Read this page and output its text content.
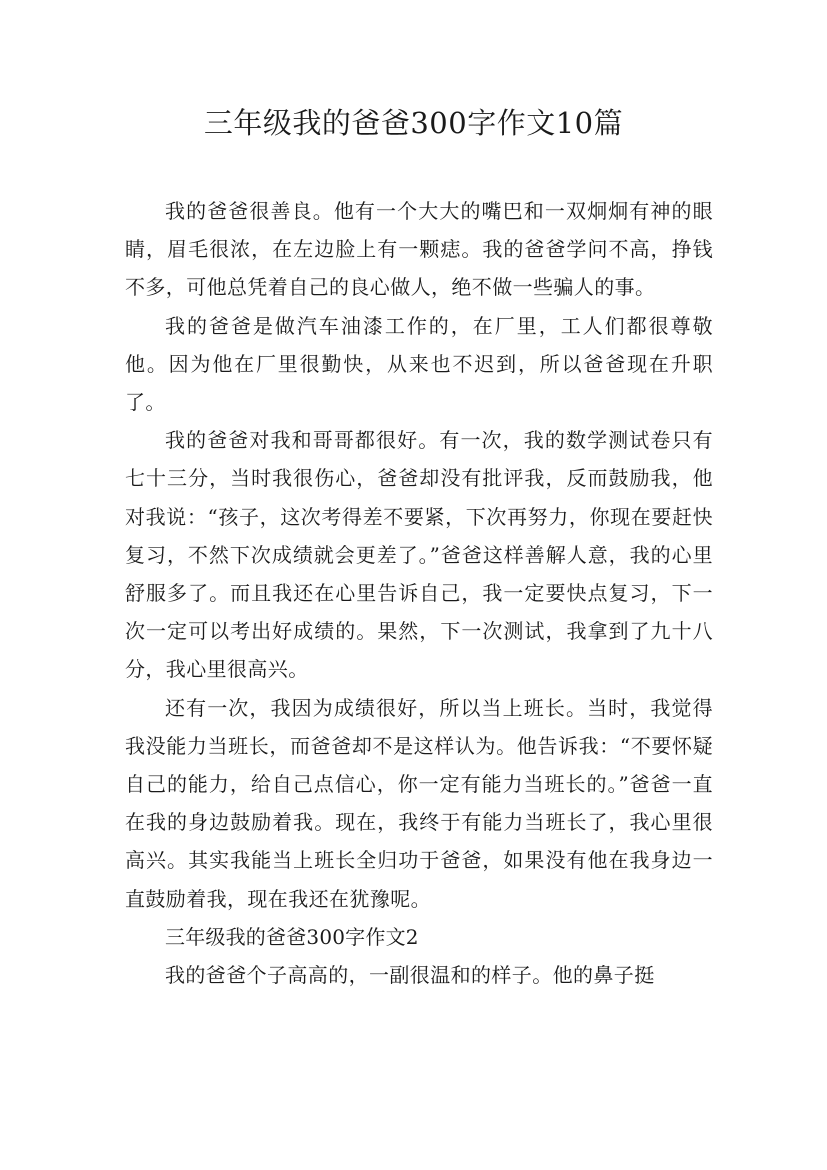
三年级我的爸爸300字作文10篇

我的爸爸很善良。他有一个大大的嘴巴和一双炯炯有神的眼睛，眉毛很浓，在左边脸上有一颗痣。我的爸爸学问不高，挣钱不多，可他总凭着自己的良心做人，绝不做一些骗人的事。

我的爸爸是做汽车油漆工作的，在厂里，工人们都很尊敬他。因为他在厂里很勤快，从来也不迟到，所以爸爸现在升职了。

我的爸爸对我和哥哥都很好。有一次，我的数学测试卷只有七十三分，当时我很伤心，爸爸却没有批评我，反而鼓励我，他对我说：“孩子，这次考得差不要紧，下次再努力，你现在要赶快复习，不然下次成绩就会更差了。”爸爸这样善解人意，我的心里舒服多了。而且我还在心里告诉自己，我一定要快点复习，下一次一定可以考出好成绩的。果然，下一次测试，我拿到了九十八分，我心里很高兴。

还有一次，我因为成绩很好，所以当上班长。当时，我觉得我没能力当班长，而爸爸却不是这样认为。他告诉我：“不要怀疑自己的能力，给自己点信心，你一定有能力当班长的。”爸爸一直在我的身边鼓励着我。现在，我终于有能力当班长了，我心里很高兴。其实我能当上班长全归功于爸爸，如果没有他在我身边一直鼓励着我，现在我还在犹豫呢。

三年级我的爸爸300字作文2

我的爸爸个子高高的，一副很温和的样子。他的鼻子挺
